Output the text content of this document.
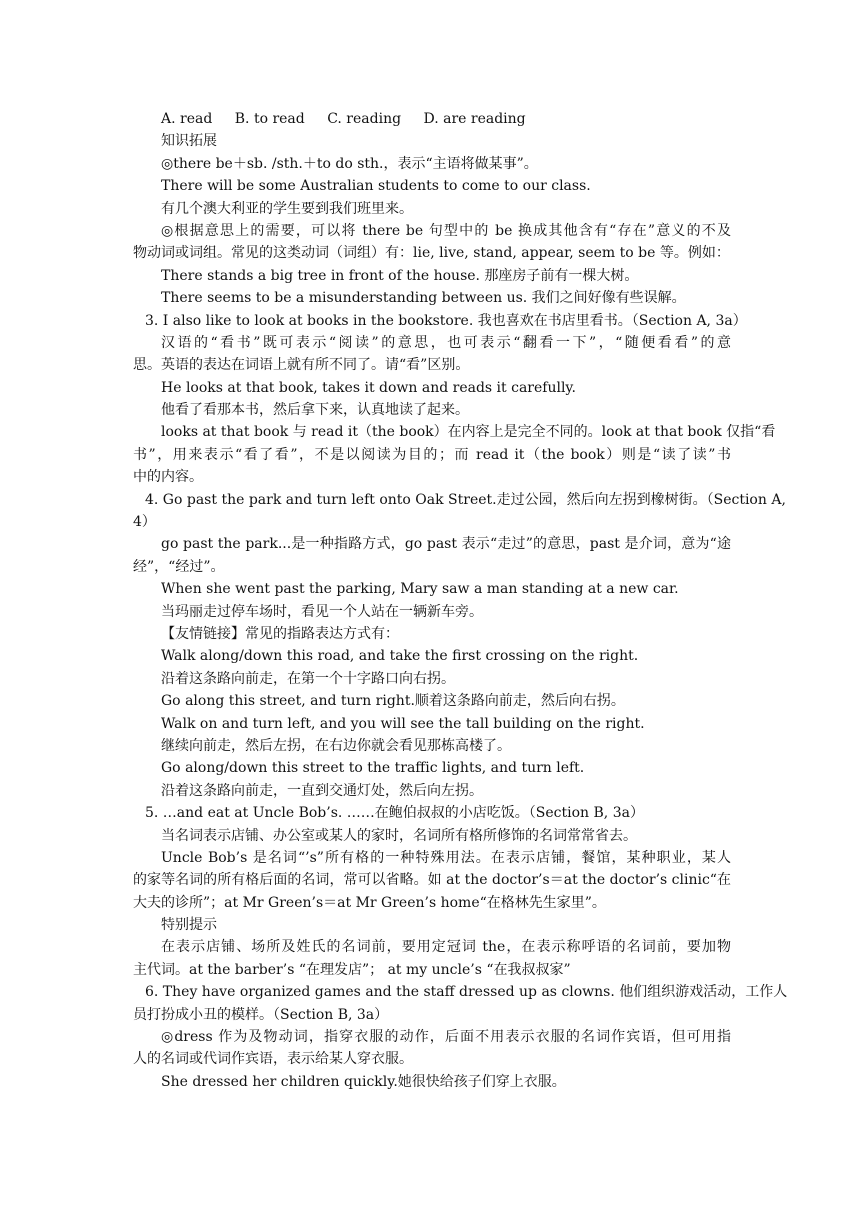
A. read B. to read C. reading D. are reading
知识拓展
◎there be＋sb. /sth.＋to do sth.，表示“主语将做某事”。
There will be some Australian students to come to our class.
有几个澳大利亚的学生要到我们班里来。
◎根据意思上的需要，可以将 there be 句型中的 be 换成其他含有“存在”意义的不及
物动词或词组。常见的这类动词（词组）有：lie, live, stand, appear, seem to be 等。例如：
There stands a big tree in front of the house. 那座房子前有一棵大树。
There seems to be a misunderstanding between us. 我们之间好像有些误解。
3. I also like to look at books in the bookstore. 我也喜欢在书店里看书。（Section A, 3a）
汉语的“看书”既可表示“阅读”的意思，也可表示“翻看一下”，“随便看看”的意
思。英语的表达在词语上就有所不同了。请“看”区别。
He looks at that book, takes it down and reads it carefully.
他看了看那本书，然后拿下来，认真地读了起来。
looks at that book 与 read it（the book）在内容上是完全不同的。look at that book 仅指“看
书”，用来表示“看了看”，不是以阅读为目的；而 read it（the book）则是“读了读”书
中的内容。
4. Go past the park and turn left onto Oak Street.走过公园，然后向左拐到橡树街。（Section A,
4）
go past the park...是一种指路方式，go past 表示“走过”的意思，past 是介词，意为“途
经”，“经过”。
When she went past the parking, Mary saw a man standing at a new car.
当玛丽走过停车场时，看见一个人站在一辆新车旁。
【友情链接】常见的指路表达方式有：
Walk along/down this road, and take the first crossing on the right.
沿着这条路向前走，在第一个十字路口向右拐。
Go along this street, and turn right.顺着这条路向前走，然后向右拐。
Walk on and turn left, and you will see the tall building on the right.
继续向前走，然后左拐，在右边你就会看见那栋高楼了。
Go along/down this street to the traffic lights, and turn left.
沿着这条路向前走，一直到交通灯处，然后向左拐。
5. …and eat at Uncle Bob’s. ……在鲍伯叔叔的小店吃饭。（Section B, 3a）
当名词表示店铺、办公室或某人的家时，名词所有格所修饰的名词常常省去。
Uncle Bob’s 是名词“’s”所有格的一种特殊用法。在表示店铺，餐馆，某种职业，某人
的家等名词的所有格后面的名词，常可以省略。如 at the doctor’s＝at the doctor’s clinic“在
大夫的诊所”；at Mr Green’s＝at Mr Green’s home“在格林先生家里”。
特别提示
在表示店铺、场所及姓氏的名词前，要用定冠词 the，在表示称呼语的名词前，要加物
主代词。at the barber’s “在理发店”； at my uncle’s “在我叔叔家”
6. They have organized games and the staff dressed up as clowns. 他们组织游戏活动，工作人
员打扮成小丑的模样。（Section B, 3a）
◎dress 作为及物动词，指穿衣服的动作，后面不用表示衣服的名词作宾语，但可用指
人的名词或代词作宾语，表示给某人穿衣服。
She dressed her children quickly.她很快给孩子们穿上衣服。
